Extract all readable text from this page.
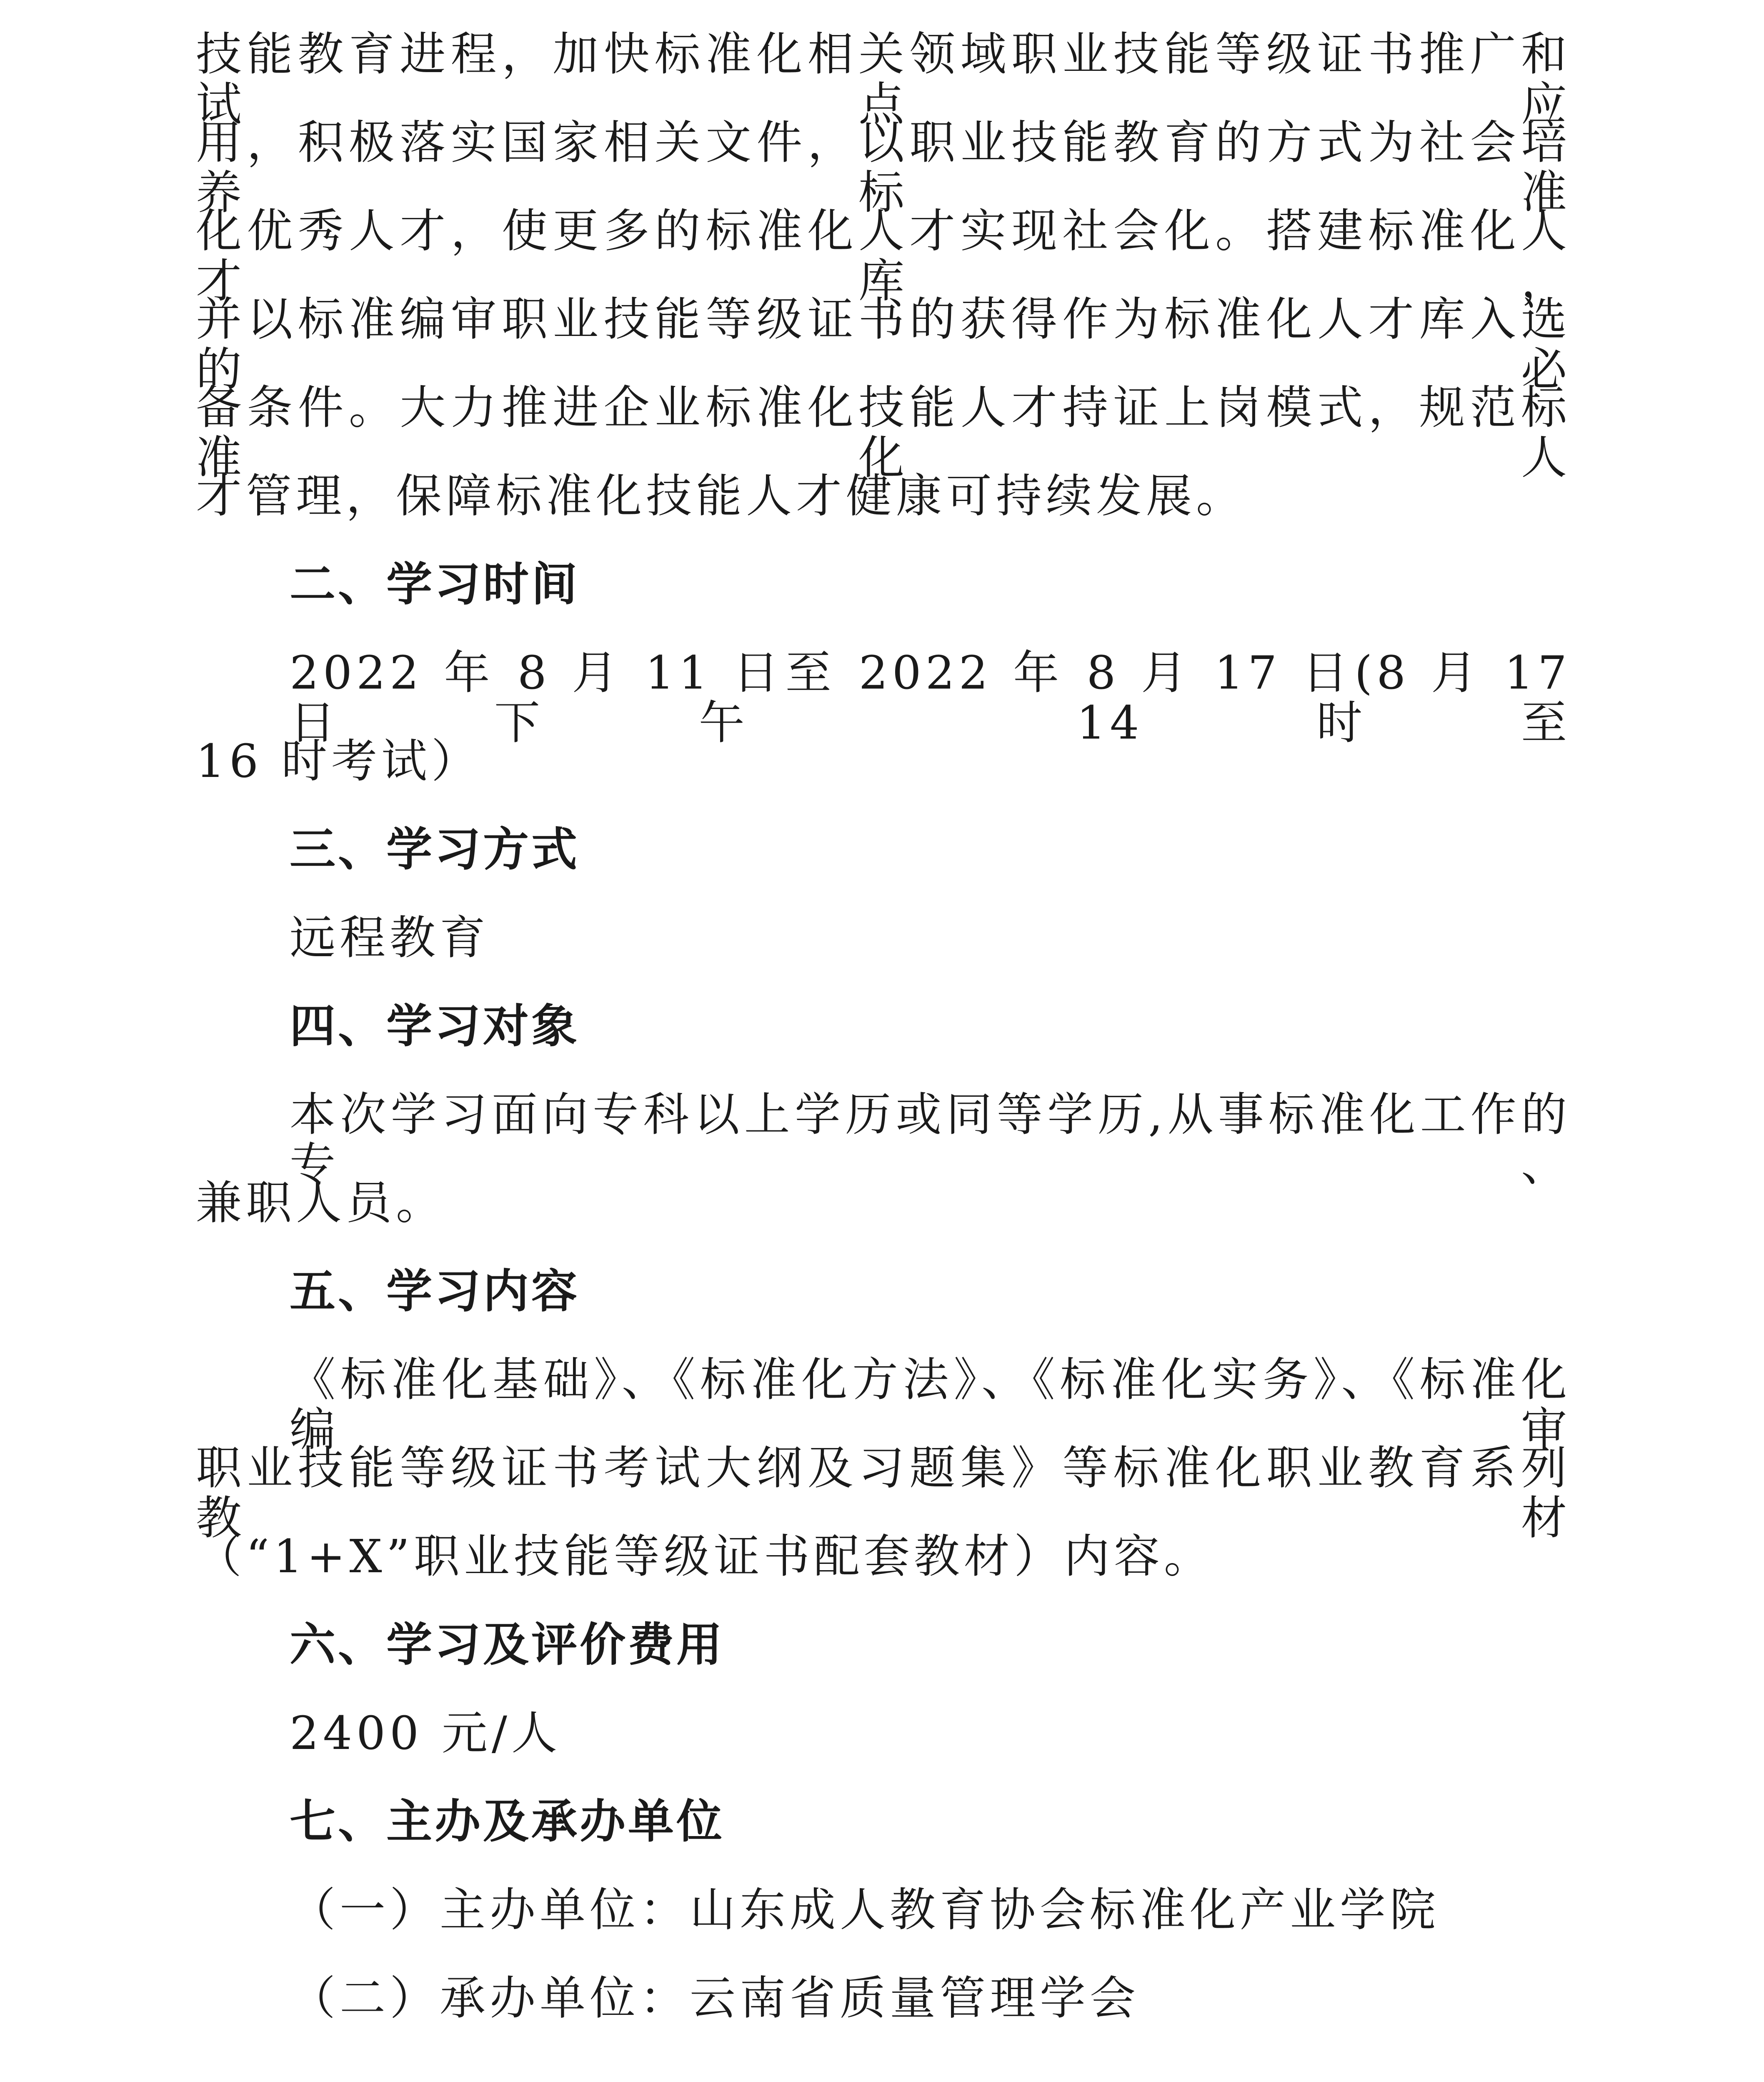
技能教育进程，加快标准化相关领域职业技能等级证书推广和试点应
用，积极落实国家相关文件，以职业技能教育的方式为社会培养标准
化优秀人才，使更多的标准化人才实现社会化。搭建标准化人才库，
并以标准编审职业技能等级证书的获得作为标准化人才库入选的必
备条件。大力推进企业标准化技能人才持证上岗模式，规范标准化人
才管理，保障标准化技能人才健康可持续发展。
二、学习时间
2022 年 8 月 11 日至 2022 年 8 月 17 日(8 月 17 日下午 14 时至
16 时考试）
三、学习方式
远程教育
四、学习对象
本次学习面向专科以上学历或同等学历,从事标准化工作的专、
兼职人员。
五、学习内容
《标准化基础》、《标准化方法》、《标准化实务》、《标准化编审
职业技能等级证书考试大纲及习题集》等标准化职业教育系列教材
（“1+X”职业技能等级证书配套教材）内容。
六、学习及评价费用
2400 元/人
七、主办及承办单位
（一）主办单位：山东成人教育协会标准化产业学院
（二）承办单位：云南省质量管理学会
